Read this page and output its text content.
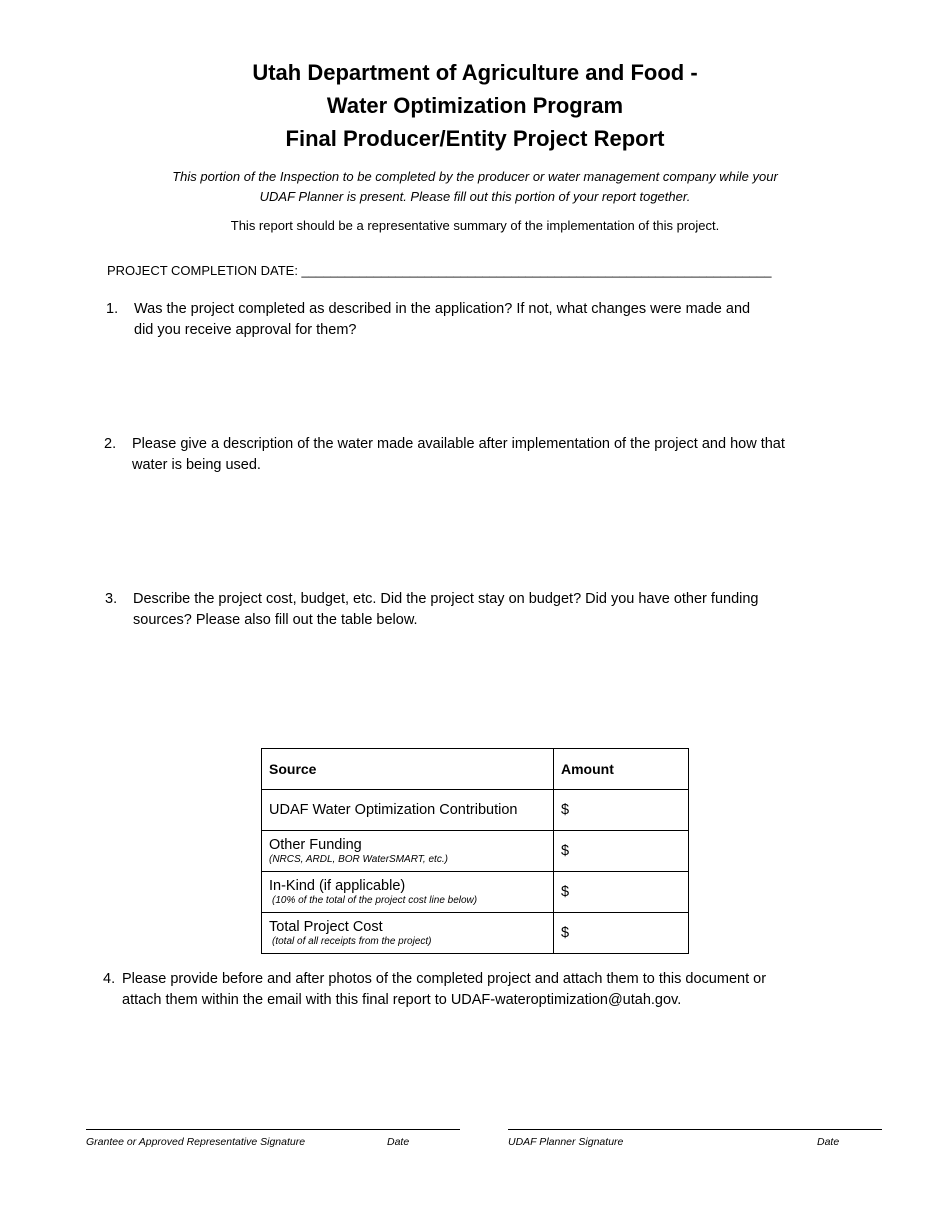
Utah Department of Agriculture and Food -
Water Optimization Program
Final Producer/Entity Project Report
This portion of the Inspection to be completed by the producer or water management company while your
UDAF Planner is present. Please fill out this portion of your report together.
This report should be a representative summary of the implementation of this project.
PROJECT COMPLETION DATE: _________________________________________________________________
1. Was the project completed as described in the application? If not, what changes were made and
did you receive approval for them?
2. Please give a description of the water made available after implementation of the project and how that
water is being used.
3. Describe the project cost, budget, etc. Did the project stay on budget? Did you have other funding
sources? Please also fill out the table below.
Source	Amount

UDAF Water Optimization Contribution	$

Other Funding
(NRCS, ARDL, BOR WaterSMART, etc.)	$

In-Kind (if applicable)
(10% of the total of the project cost line below)	$

Total Project Cost
(total of all receipts from the project)	$
4. Please provide before and after photos of the completed project and attach them to this document or
attach them within the email with this final report to UDAF-wateroptimization@utah.gov.
Grantee or Approved Representative Signature	Date	UDAF Planner Signature	Date
